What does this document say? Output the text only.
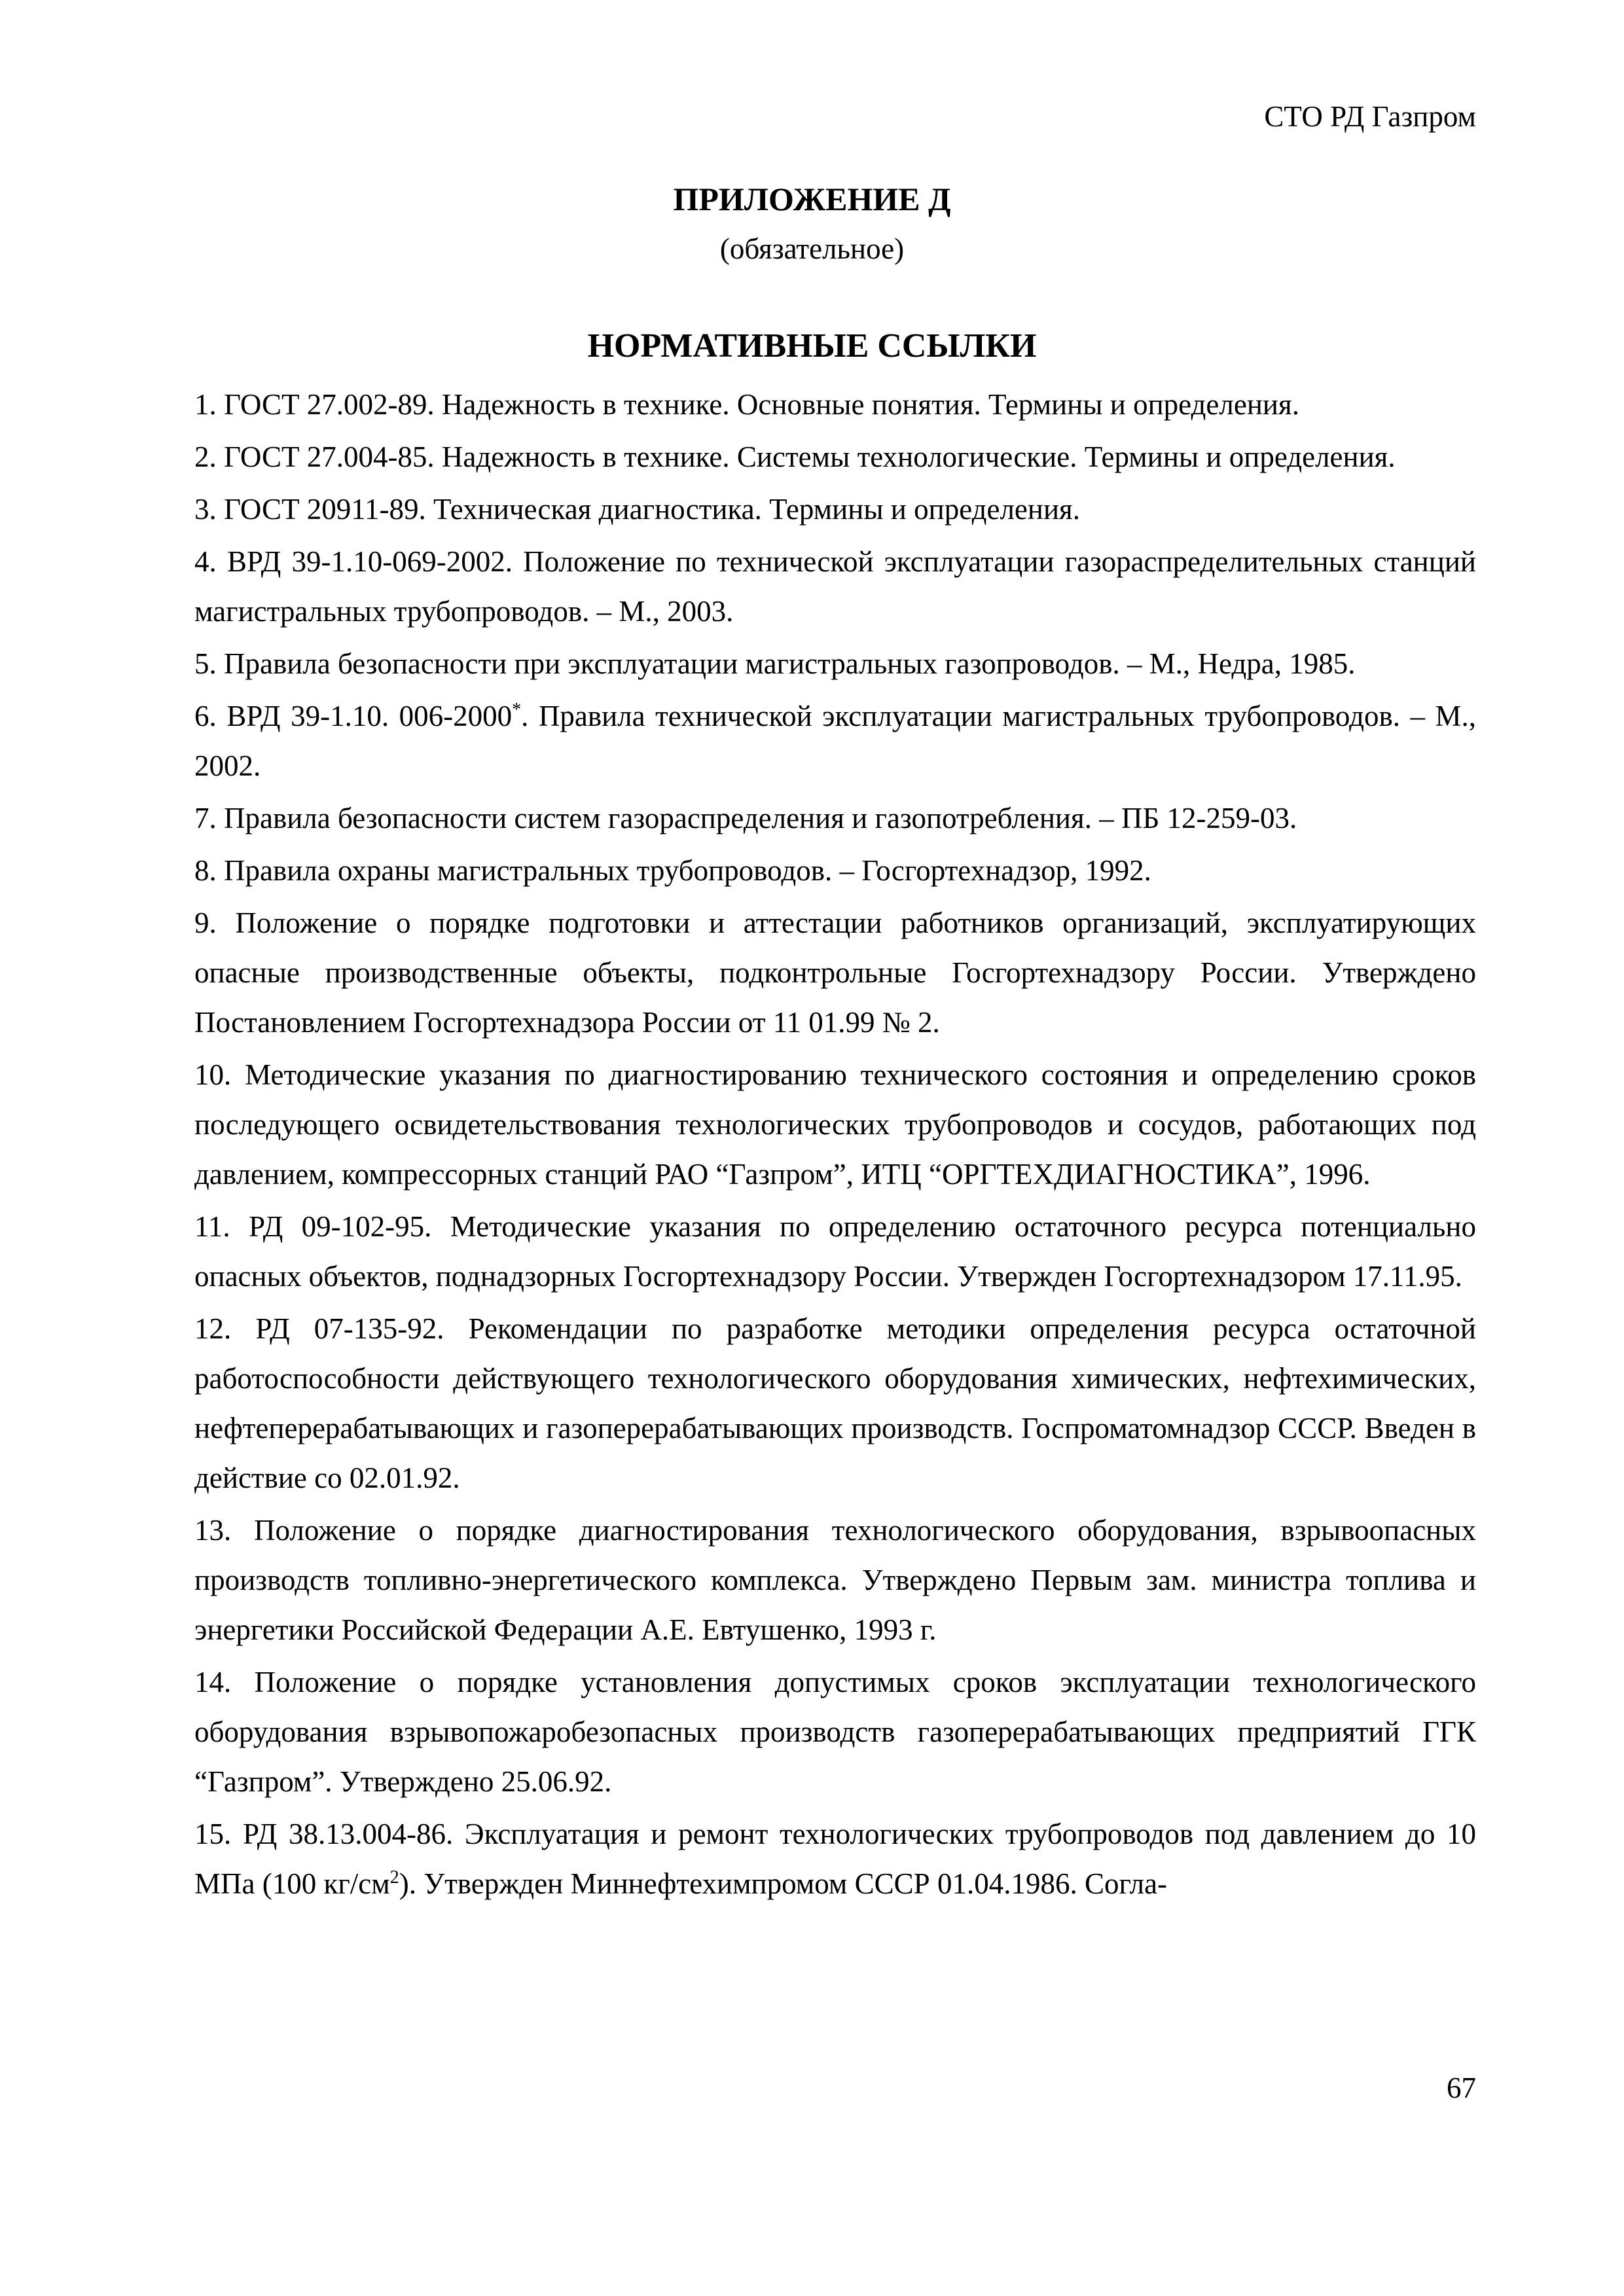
СТО РД Газпром
ПРИЛОЖЕНИЕ Д
(обязательное)
НОРМАТИВНЫЕ ССЫЛКИ

1. ГОСТ 27.002-89. Надежность в технике. Основные понятия. Термины и определения.

2. ГОСТ 27.004-85. Надежность в технике. Системы технологические. Термины и определения.

3. ГОСТ 20911-89. Техническая диагностика. Термины и определения.

4. ВРД 39-1.10-069-2002. Положение по технической эксплуатации газораспределительных станций магистральных трубопроводов. – М., 2003.

5. Правила безопасности при эксплуатации магистральных газопроводов. – М., Недра, 1985.

6. ВРД 39-1.10. 006-2000*. Правила технической эксплуатации магистральных трубопроводов. – М., 2002.

7. Правила безопасности систем газораспределения и газопотребления. – ПБ 12-259-03.

8. Правила охраны магистральных трубопроводов. – Госгортехнадзор, 1992.

9. Положение о порядке подготовки и аттестации работников организаций, эксплуатирующих опасные производственные объекты, подконтрольные Госгортехнадзору России. Утверждено Постановлением Госгортехнадзора России от 11 01.99 № 2.

10. Методические указания по диагностированию технического состояния и определению сроков последующего освидетельствования технологических трубопроводов и сосудов, работающих под давлением, компрессорных станций РАО “Газпром”, ИТЦ “ОРГТЕХДИАГНОСТИКА”, 1996.

11. РД 09-102-95. Методические указания по определению остаточного ресурса потенциально опасных объектов, поднадзорных Госгортехнадзору России. Утвержден Госгортехнадзором 17.11.95.

12. РД 07-135-92. Рекомендации по разработке методики определения ресурса остаточной работоспособности действующего технологического оборудования химических, нефтехимических, нефтеперерабатывающих и газоперерабатывающих производств. Госпроматомнадзор СССР. Введен в действие со 02.01.92.

13. Положение о порядке диагностирования технологического оборудования, взрывоопасных производств топливно-энергетического комплекса. Утверждено Первым зам. министра топлива и энергетики Российской Федерации А.Е. Евтушенко, 1993 г.

14. Положение о порядке установления допустимых сроков эксплуатации технологического оборудования взрывопожаробезопасных производств газоперерабатывающих предприятий ГГК “Газпром”. Утверждено 25.06.92.

15. РД 38.13.004-86. Эксплуатация и ремонт технологических трубопроводов под давлением до 10 МПа (100 $кг/см^2$). Утвержден Миннефтехимпромом СССР 01.04.1986. Согла-

67
